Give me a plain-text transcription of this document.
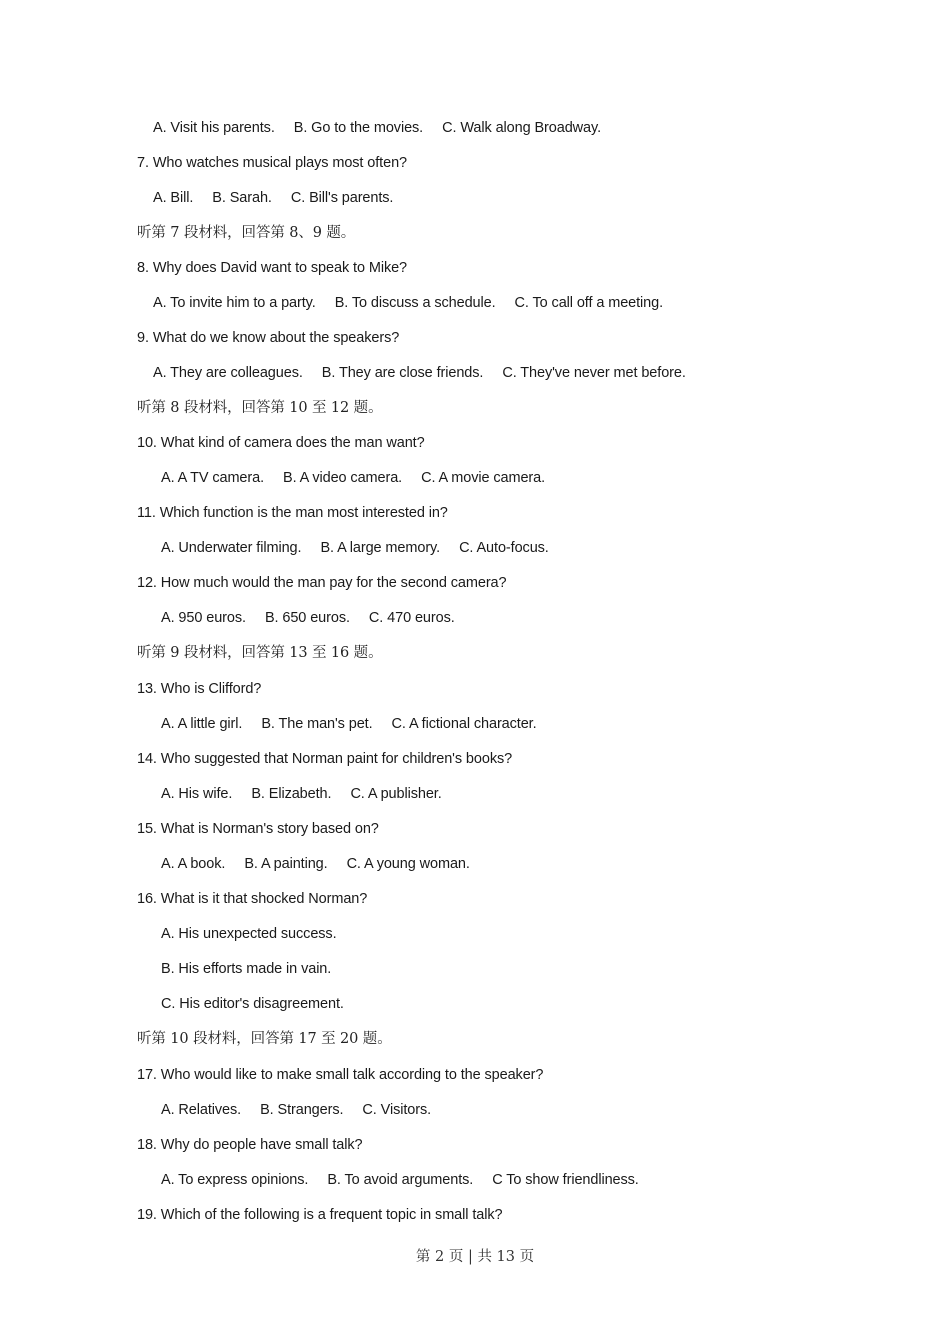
A. Visit his parents. B. Go to the movies. C. Walk along Broadway.
7. Who watches musical plays most often?
A. Bill. B. Sarah. C. Bill's parents.
听第 7 段材料，回答第 8、9 题。
8. Why does David want to speak to Mike?
A. To invite him to a party. B. To discuss a schedule. C. To call off a meeting.
9. What do we know about the speakers?
A. They are colleagues. B. They are close friends. C. They've never met before.
听第 8 段材料，回答第 10 至 12 题。
10. What kind of camera does the man want?
A. A TV camera. B. A video camera. C. A movie camera.
11. Which function is the man most interested in?
A. Underwater filming. B. A large memory. C. Auto-focus.
12. How much would the man pay for the second camera?
A. 950 euros. B. 650 euros. C. 470 euros.
听第 9 段材料，回答第 13 至 16 题。
13. Who is Clifford?
A. A little girl. B. The man's pet. C. A fictional character.
14. Who suggested that Norman paint for children's books?
A. His wife. B. Elizabeth. C. A publisher.
15. What is Norman's story based on?
A. A book. B. A painting. C. A young woman.
16. What is it that shocked Norman?
A. His unexpected success.
B. His efforts made in vain.
C. His editor's disagreement.
听第 10 段材料，回答第 17 至 20 题。
17. Who would like to make small talk according to the speaker?
A. Relatives. B. Strangers. C. Visitors.
18. Why do people have small talk?
A. To express opinions. B. To avoid arguments. C To show friendliness.
19. Which of the following is a frequent topic in small talk?
第 2 页 | 共 13 页
